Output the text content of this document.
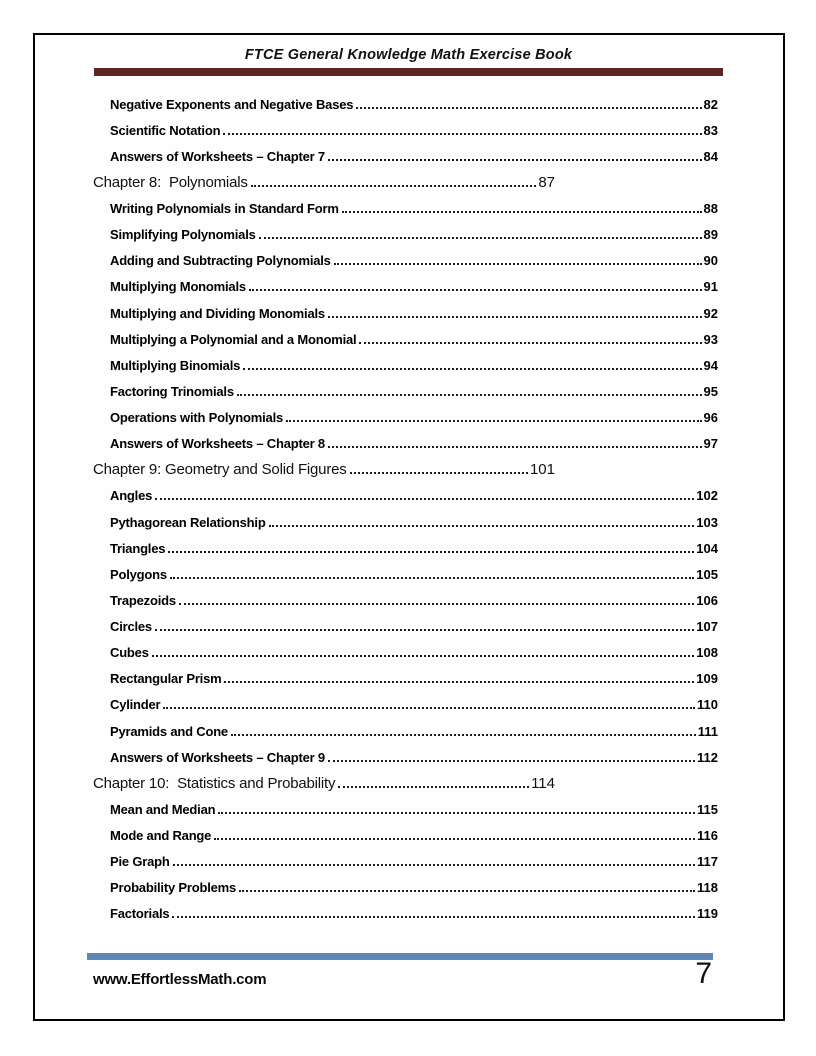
FTCE General Knowledge Math Exercise Book
Negative Exponents and Negative Bases	82
Scientific Notation	83
Answers of Worksheets – Chapter 7	84
Chapter 8:  Polynomials	87
Writing Polynomials in Standard Form	88
Simplifying Polynomials	89
Adding and Subtracting Polynomials	90
Multiplying Monomials	91
Multiplying and Dividing Monomials	92
Multiplying a Polynomial and a Monomial	93
Multiplying Binomials	94
Factoring Trinomials	95
Operations with Polynomials	96
Answers of Worksheets – Chapter 8	97
Chapter 9: Geometry and Solid Figures	101
Angles	102
Pythagorean Relationship	103
Triangles	104
Polygons	105
Trapezoids	106
Circles	107
Cubes	108
Rectangular Prism	109
Cylinder	110
Pyramids and Cone	111
Answers of Worksheets – Chapter 9	112
Chapter 10:  Statistics and Probability	114
Mean and Median	115
Mode and Range	116
Pie Graph	117
Probability Problems	118
Factorials	119
www.EffortlessMath.com	7
